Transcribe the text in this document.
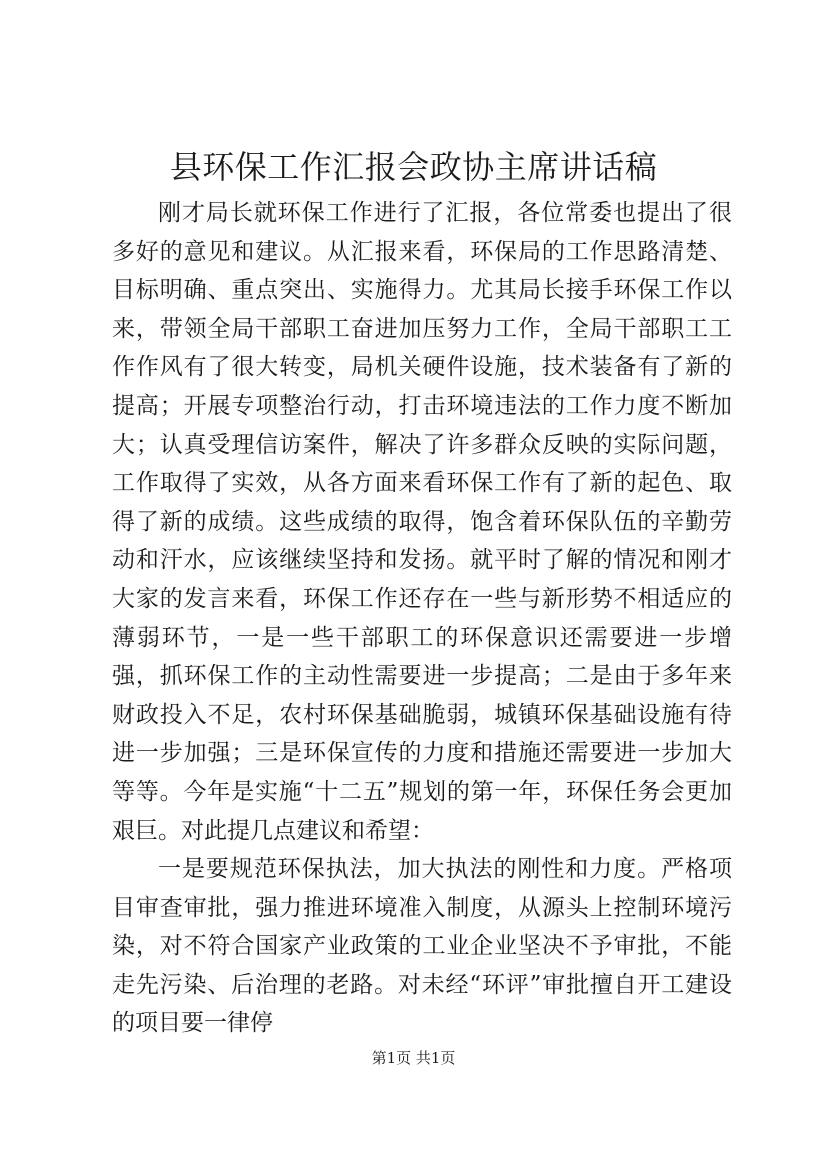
县环保工作汇报会政协主席讲话稿

刚才局长就环保工作进行了汇报，各位常委也提出了很多好的意见和建议。从汇报来看，环保局的工作思路清楚、目标明确、重点突出、实施得力。尤其局长接手环保工作以来，带领全局干部职工奋进加压努力工作，全局干部职工工作作风有了很大转变，局机关硬件设施，技术装备有了新的提高；开展专项整治行动，打击环境违法的工作力度不断加大；认真受理信访案件，解决了许多群众反映的实际问题，工作取得了实效，从各方面来看环保工作有了新的起色、取得了新的成绩。这些成绩的取得，饱含着环保队伍的辛勤劳动和汗水，应该继续坚持和发扬。就平时了解的情况和刚才大家的发言来看，环保工作还存在一些与新形势不相适应的薄弱环节，一是一些干部职工的环保意识还需要进一步增强，抓环保工作的主动性需要进一步提高；二是由于多年来财政投入不足，农村环保基础脆弱，城镇环保基础设施有待进一步加强；三是环保宣传的力度和措施还需要进一步加大等等。今年是实施“十二五”规划的第一年，环保任务会更加艰巨。对此提几点建议和希望：

一是要规范环保执法，加大执法的刚性和力度。严格项目审查审批，强力推进环境准入制度，从源头上控制环境污染，对不符合国家产业政策的工业企业坚决不予审批，不能走先污染、后治理的老路。对未经“环评”审批擅自开工建设的项目要一律停

第1页 共1页
